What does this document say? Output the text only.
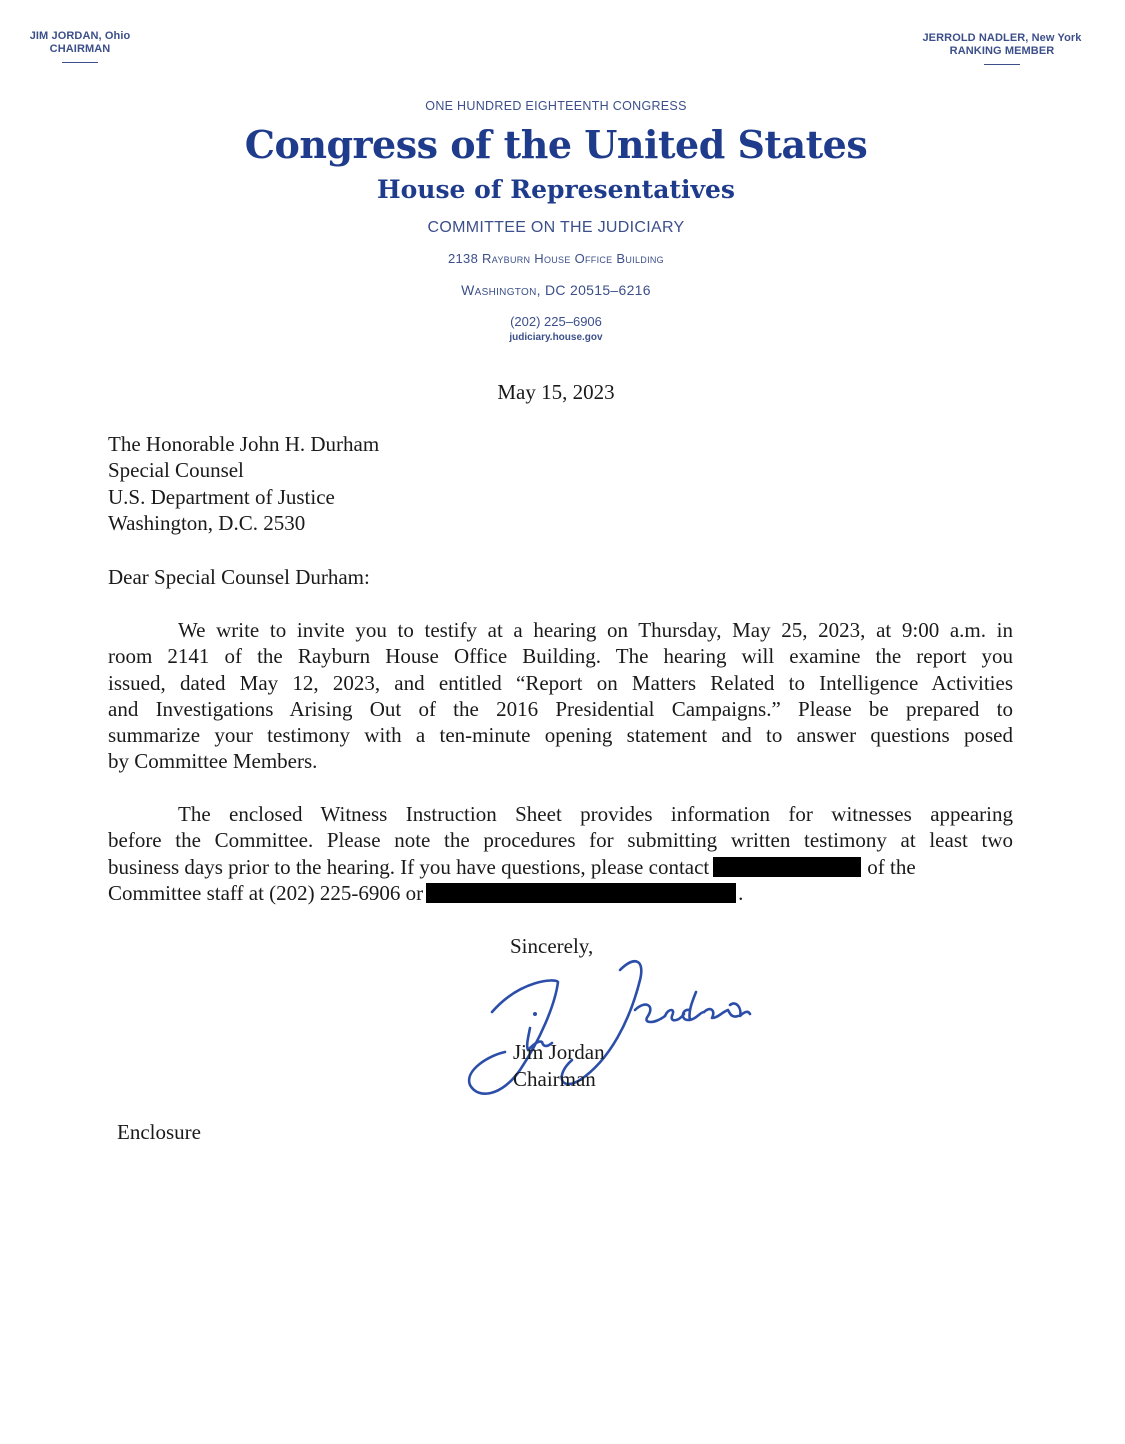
JIM JORDAN, Ohio
CHAIRMAN
JERROLD NADLER, New York
RANKING MEMBER
ONE HUNDRED EIGHTEENTH CONGRESS
Congress of the United States
House of Representatives
COMMITTEE ON THE JUDICIARY
2138 Rayburn House Office Building
Washington, DC 20515–6216
(202) 225–6906
judiciary.house.gov
May 15, 2023
The Honorable John H. Durham
Special Counsel
U.S. Department of Justice
Washington, D.C. 2530
Dear Special Counsel Durham:
We write to invite you to testify at a hearing on Thursday, May 25, 2023, at 9:00 a.m. in
room 2141 of the Rayburn House Office Building. The hearing will examine the report you
issued, dated May 12, 2023, and entitled “Report on Matters Related to Intelligence Activities
and Investigations Arising Out of the 2016 Presidential Campaigns.” Please be prepared to
summarize your testimony with a ten-minute opening statement and to answer questions posed
by Committee Members.
The enclosed Witness Instruction Sheet provides information for witnesses appearing
before the Committee. Please note the procedures for submitting written testimony at least two
business days prior to the hearing. If you have questions, please contact	of the
Committee staff at (202) 225-6906 or	.
Sincerely,
Jim Jordan
Chairman
Enclosure
